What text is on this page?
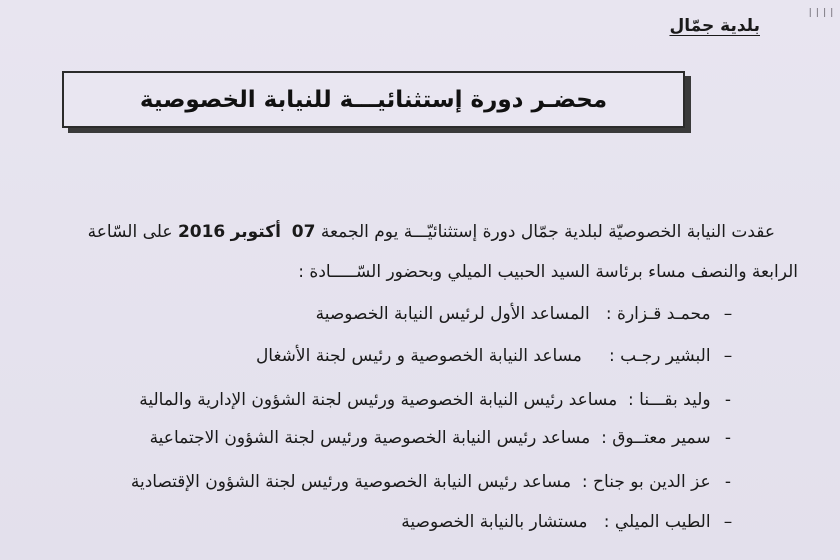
ا ا ا ا
بلدية جمّال
محضـر دورة إستثنائيـــة للنيابة الخصوصية
عقدت النيابة الخصوصيّة لبلدية جمّال دورة إستثنائيّـــة يوم الجمعة 07  أكتوبر 2016 على السّاعة
الرابعة والنصف مساء برئاسة السيد الحبيب الميلي وبحضور السّـــــادة :
– محمـد قـزارة :   المساعد الأول لرئيس النيابة الخصوصية
– البشير رجـب :     مساعد النيابة الخصوصية و رئيس لجنة الأشغال
- وليد بقـــنا :  مساعد رئيس النيابة الخصوصية ورئيس لجنة الشؤون الإدارية والمالية
- سمير معتــوق :  مساعد رئيس النيابة الخصوصية ورئيس لجنة الشؤون الاجتماعية
- عز الدين بو جناح :  مساعد رئيس النيابة الخصوصية ورئيس لجنة الشؤون الإقتصادية
– الطيب الميلي :   مستشار بالنيابة الخصوصية
